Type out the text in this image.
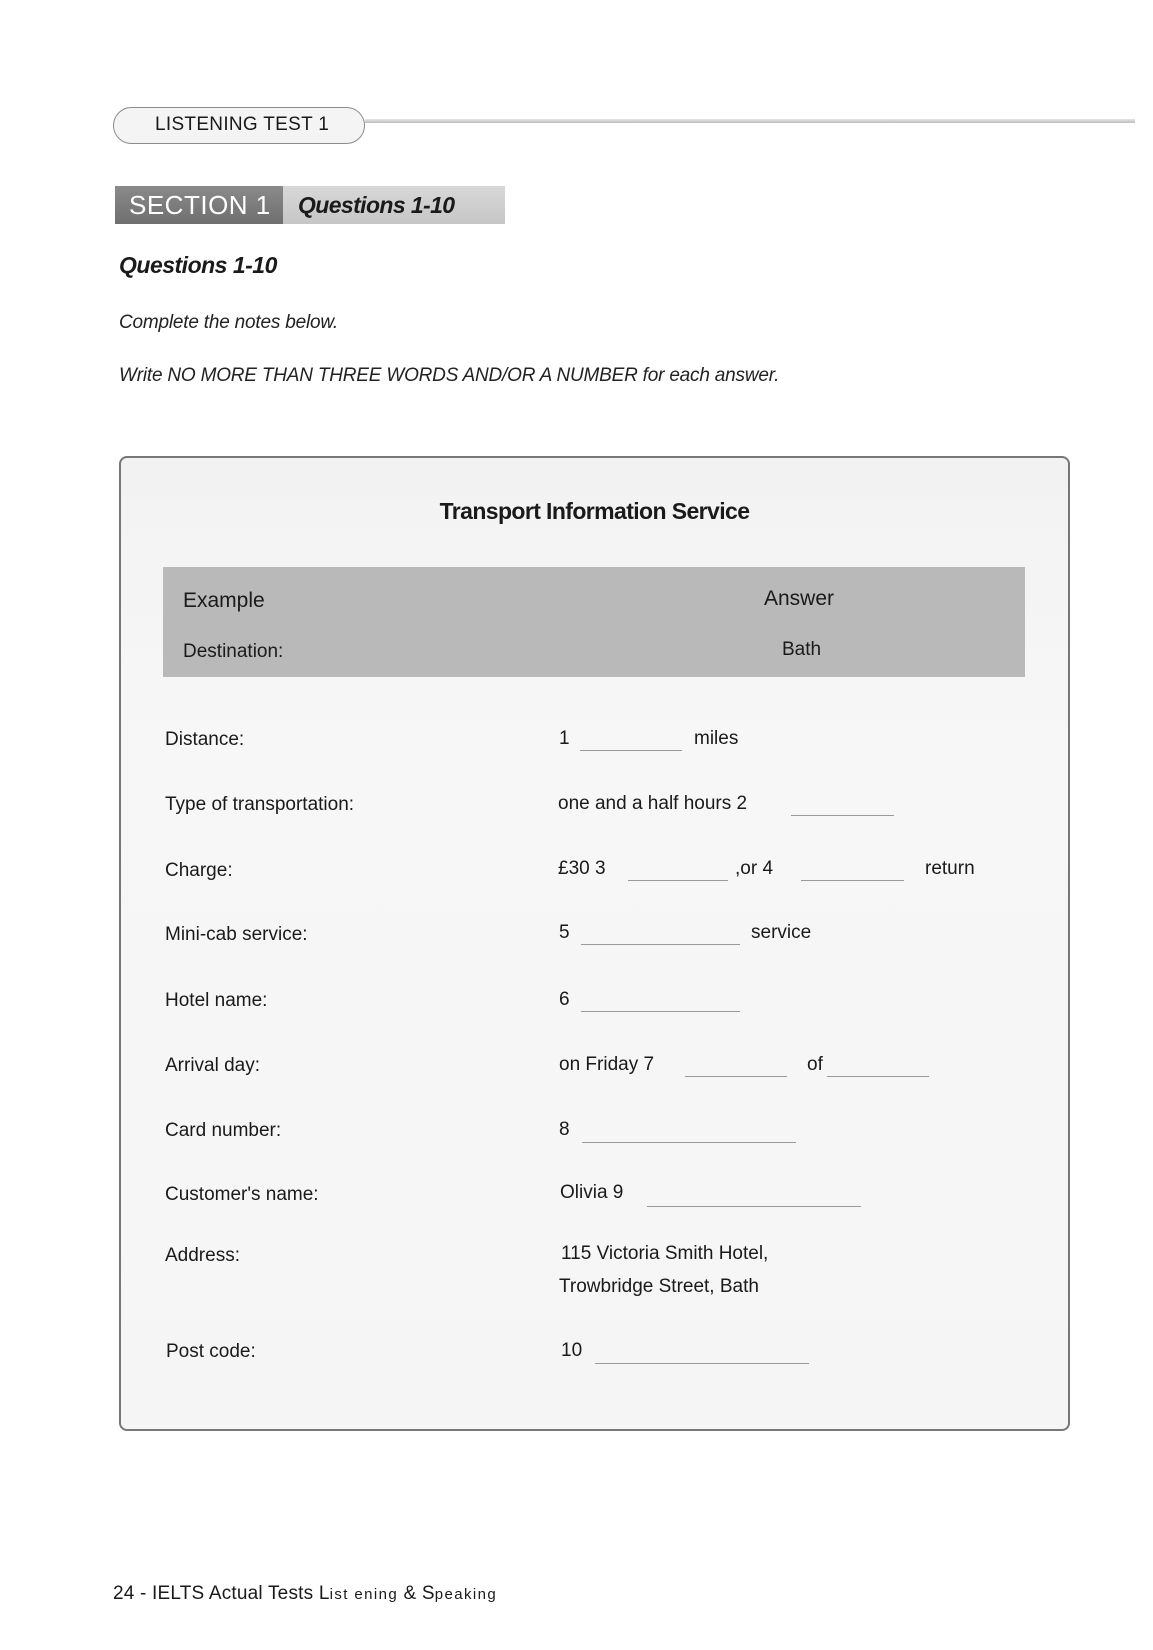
LISTENING TEST 1
SECTION 1	Questions 1-10
Questions 1-10
Complete the notes below.
Write NO MORE THAN THREE WORDS AND/OR A NUMBER for each answer.
Transport Information Service
Example	Answer
Destination:	Bath
Distance:	1	miles
Type of transportation:	one and a half hours 2
Charge:	£30 3	,or 4	return
Mini-cab service:	5	service
Hotel name:	6
Arrival day:	on Friday 7	of
Card number:	8
Customer's name:	Olivia 9
Address:	115 Victoria Smith Hotel,
Trowbridge Street, Bath
Post code:	10
24 - IELTS Actual Tests List ening & Speaking
